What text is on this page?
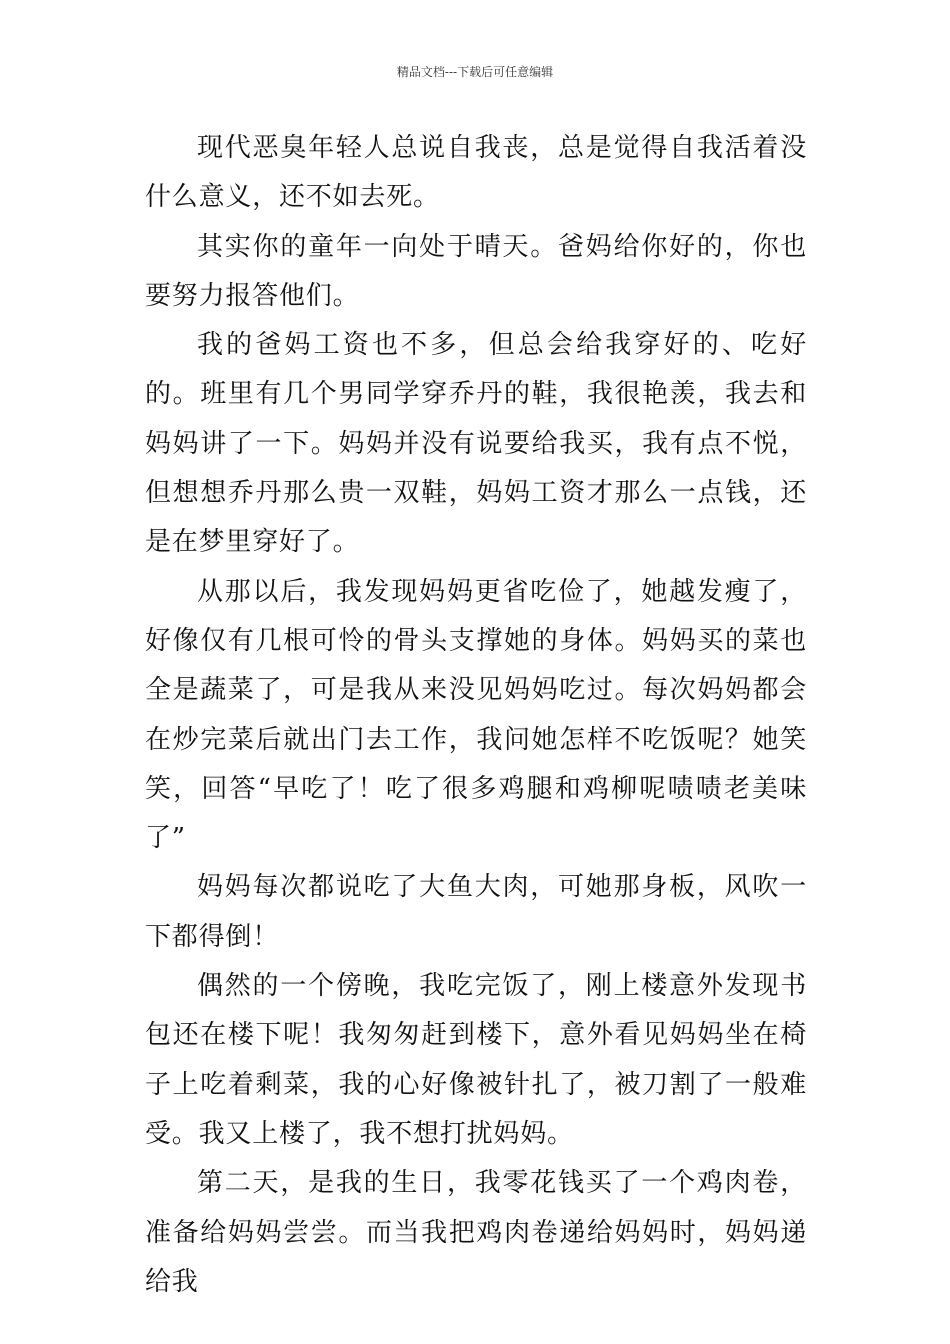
精品文档---下载后可任意编辑

现代恶臭年轻人总说自我丧，总是觉得自我活着没什么意义，还不如去死。

其实你的童年一向处于晴天。爸妈给你好的，你也要努力报答他们。

我的爸妈工资也不多，但总会给我穿好的、吃好的。班里有几个男同学穿乔丹的鞋，我很艳羡，我去和妈妈讲了一下。妈妈并没有说要给我买，我有点不悦，但想想乔丹那么贵一双鞋，妈妈工资才那么一点钱，还是在梦里穿好了。

从那以后，我发现妈妈更省吃俭了，她越发瘦了，好像仅有几根可怜的骨头支撑她的身体。妈妈买的菜也全是蔬菜了，可是我从来没见妈妈吃过。每次妈妈都会在炒完菜后就出门去工作，我问她怎样不吃饭呢？她笑笑，回答“早吃了！吃了很多鸡腿和鸡柳呢啧啧老美味了”

妈妈每次都说吃了大鱼大肉，可她那身板，风吹一下都得倒！

偶然的一个傍晚，我吃完饭了，刚上楼意外发现书包还在楼下呢！我匆匆赶到楼下，意外看见妈妈坐在椅子上吃着剩菜，我的心好像被针扎了，被刀割了一般难受。我又上楼了，我不想打扰妈妈。

第二天，是我的生日，我零花钱买了一个鸡肉卷，准备给妈妈尝尝。而当我把鸡肉卷递给妈妈时，妈妈递给我
